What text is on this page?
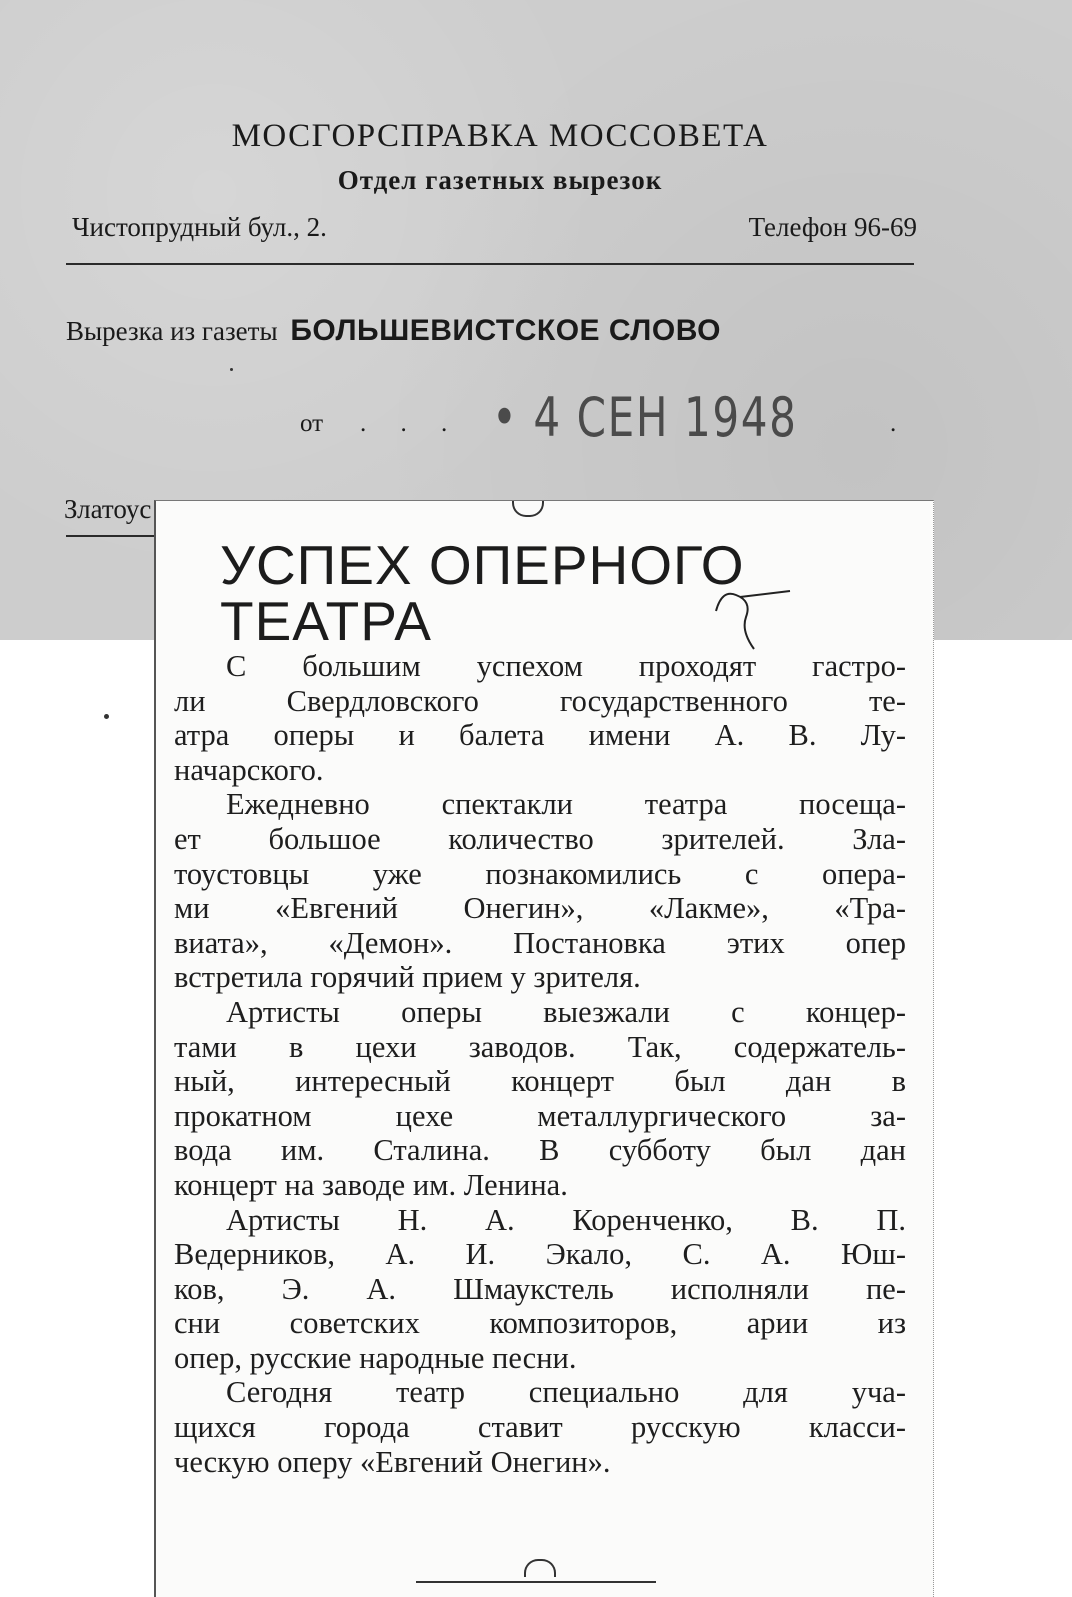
МОСГОРСПРАВКА МОССОВЕТА
Отдел газетных вырезок
Чистопрудный бул., 2.	Телефон 96-69
Вырезка из газеты БОЛЬШЕВИСТСКОЕ СЛОВО
от . . . • 4 СЕН 1948	.
Златоус
УСПЕХ ОПЕРНОГО
ТЕАТРА
С большим успехом проходят гастро-
ли Свердловского государственного те-
атра оперы и балета имени А. В. Лу-
начарского.
Ежедневно спектакли театра посеща-
ет большое количество зрителей. Зла-
тоустовцы уже познакомились с опера-
ми «Евгений Онегин», «Лакме», «Тра-
виата», «Демон». Постановка этих опер
встретила горячий прием у зрителя.
Артисты оперы выезжали с концер-
тами в цехи заводов. Так, содержатель-
ный, интересный концерт был дан в
прокатном цехе металлургического за-
вода им. Сталина. В субботу был дан
концерт на заводе им. Ленина.
Артисты Н. А. Коренченко, В. П.
Ведерников, А. И. Экало, С. А. Юш-
ков, Э. А. Шмаукстель исполняли пе-
сни советских композиторов, арии из
опер, русские народные песни.
Сегодня театр специально для уча-
щихся города ставит русскую класси-
ческую оперу «Евгений Онегин».
